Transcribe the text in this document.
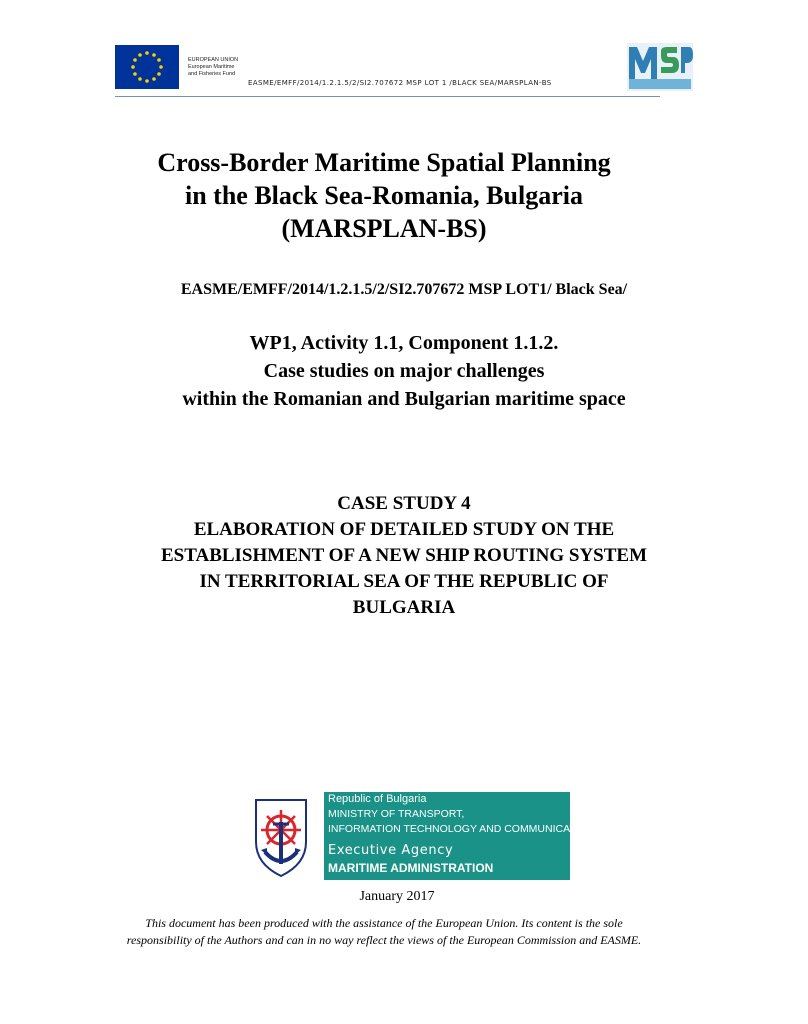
EUROPEAN UNION
European Maritime
and Fisheries Fund
EASME/EMFF/2014/1.2.1.5/2/SI2.707672 MSP LOT 1 /BLACK SEA/MARSPLAN-BS
Cross-Border Maritime Spatial Planning
in the Black Sea-Romania, Bulgaria
(MARSPLAN-BS)
EASME/EMFF/2014/1.2.1.5/2/SI2.707672 MSP LOT1/ Black Sea/
WP1, Activity 1.1, Component 1.1.2.
Case studies on major challenges
within the Romanian and Bulgarian maritime space
CASE STUDY 4
ELABORATION OF DETAILED STUDY ON THE
ESTABLISHMENT OF A NEW SHIP ROUTING SYSTEM
IN TERRITORIAL SEA OF THE REPUBLIC OF
BULGARIA
Republic of Bulgaria
MINISTRY OF TRANSPORT,
INFORMATION TECHNOLOGY AND COMMUNICATIONS
Executive Agency
MARITIME ADMINISTRATION
January 2017
This document has been produced with the assistance of the European Union. Its content is the sole
responsibility of the Authors and can in no way reflect the views of the European Commission and EASME.
